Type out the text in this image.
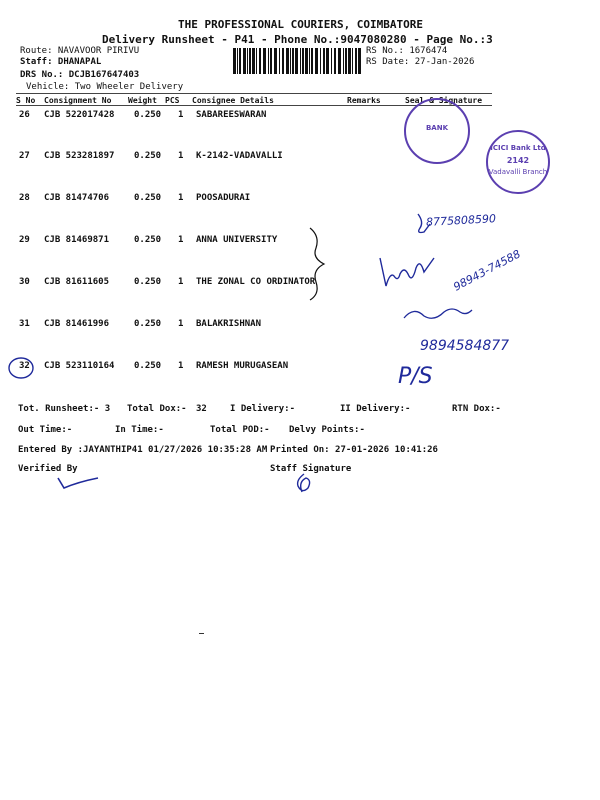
THE PROFESSIONAL COURIERS, COIMBATORE
Delivery Runsheet - P41 - Phone No.:9047080280 - Page No.:3
Route: NAVAVOOR PIRIVU
Staff: DHANAPAL
DRS No.: DCJB167647403
Vehicle: Two Wheeler Delivery
RS No.: 1676474
RS Date: 27-Jan-2026
S No Consignment No Weight PCS Consignee Details	Remarks	Seal & Signature
26 CJB 522017428 0.250 1 SABAREESWARAN
27 CJB 523281897 0.250 1 K-2142-VADAVALLI
28 CJB 81474706	0.250 1 POOSADURAI
29 CJB 81469871	0.250 1 ANNA UNIVERSITY
30 CJB 81611605	0.250 1 THE ZONAL CO ORDINATOR
31 CJB 81461996	0.250 1 BALAKRISHNAN
32 CJB 523110164 0.250 1 RAMESH MURUGASEAN
BANK
ICICI Bank Ltd
2142
Vadavalli Branch
8775808590
98943-74588
9894584877
P/S
Tot. Runsheet:- 3 Total Dox:- 32	I Delivery:-	II Delivery:-	RTN Dox:-
Out Time:-	In Time:-	Total POD:- Delvy Points:-
Entered By :JAYANTHIP41 01/27/2026 10:35:28 AM Printed On: 27-01-2026 10:41:26
Verified By	Staff Signature
